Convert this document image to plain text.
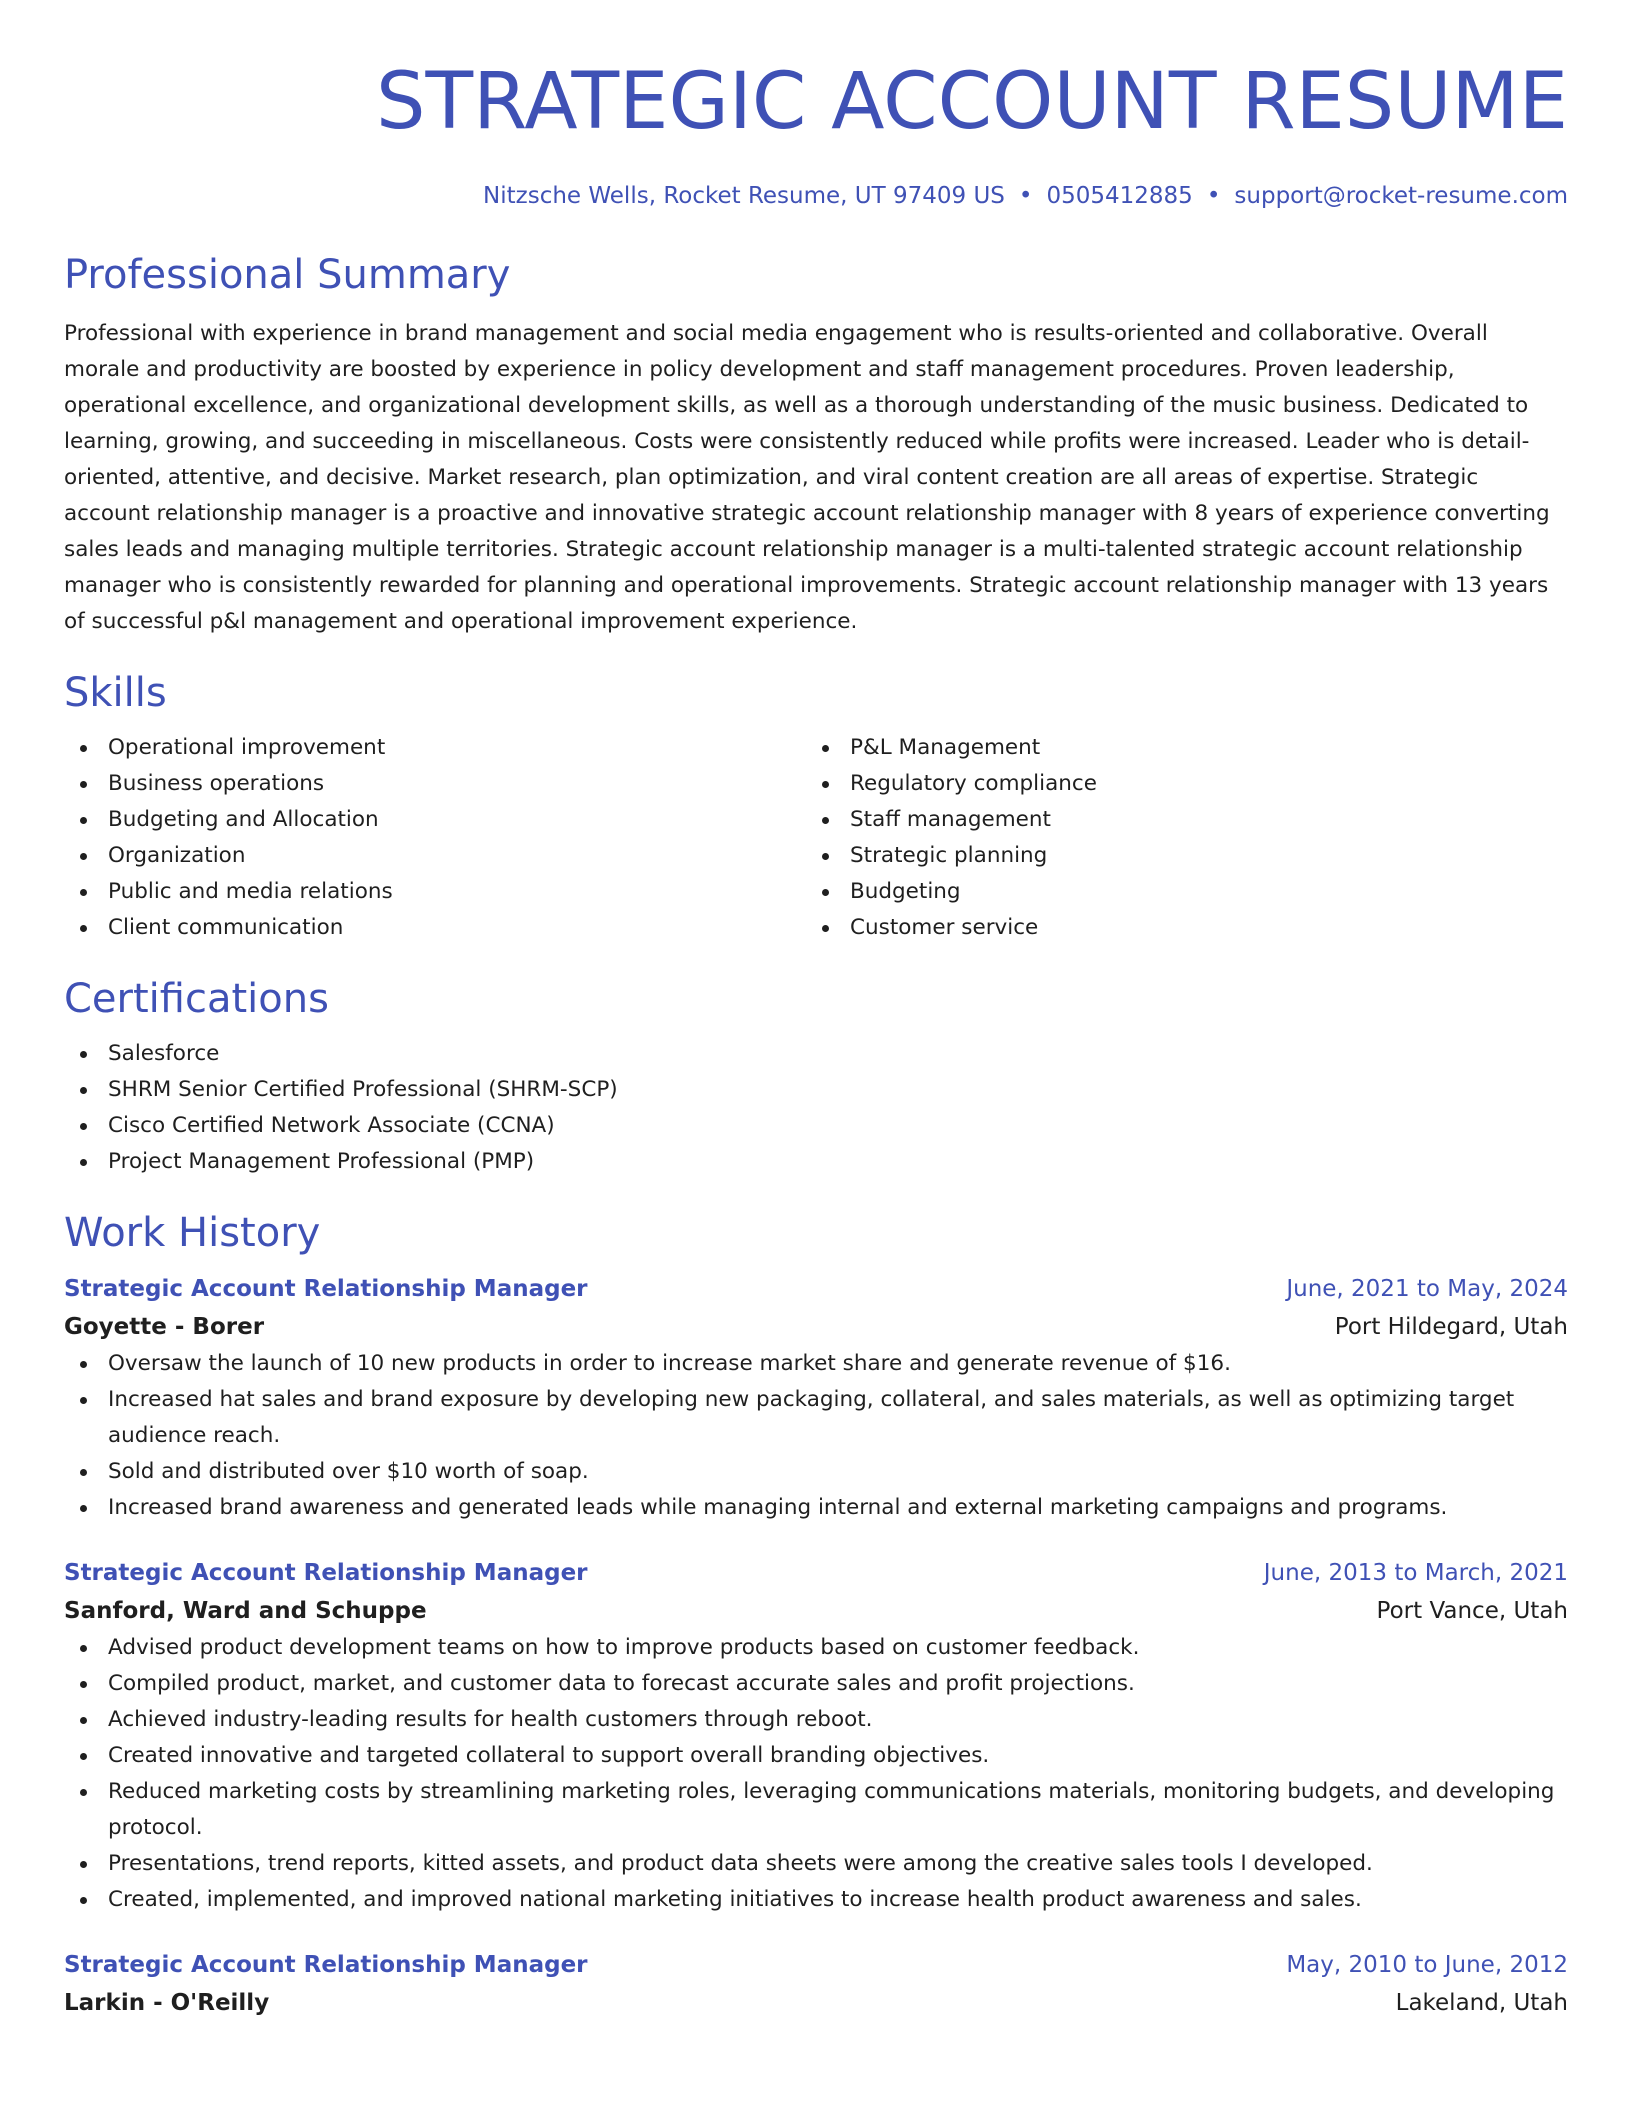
STRATEGIC ACCOUNT RESUME
Nitzsche Wells, Rocket Resume, UT 97409 US • 0505412885 • support@rocket-resume.com
Professional Summary

Professional with experience in brand management and social media engagement who is results-oriented and collaborative. Overall morale and productivity are boosted by experience in policy development and staff management procedures. Proven leadership, operational excellence, and organizational development skills, as well as a thorough understanding of the music business. Dedicated to learning, growing, and succeeding in miscellaneous. Costs were consistently reduced while profits were increased. Leader who is detail-oriented, attentive, and decisive. Market research, plan optimization, and viral content creation are all areas of expertise. Strategic account relationship manager is a proactive and innovative strategic account relationship manager with 8 years of experience converting sales leads and managing multiple territories. Strategic account relationship manager is a multi-talented strategic account relationship manager who is consistently rewarded for planning and operational improvements. Strategic account relationship manager with 13 years of successful p&l management and operational improvement experience.

Skills
Operational improvement
Business operations
Budgeting and Allocation
Organization
Public and media relations
Client communication
P&L Management
Regulatory compliance
Staff management
Strategic planning
Budgeting
Customer service
Certifications
Salesforce
SHRM Senior Certified Professional (SHRM-SCP)
Cisco Certified Network Associate (CCNA)
Project Management Professional (PMP)
Work History
Strategic Account Relationship Manager	June, 2021 to May, 2024
Goyette - Borer	Port Hildegard, Utah
Oversaw the launch of 10 new products in order to increase market share and generate revenue of $16.
Increased hat sales and brand exposure by developing new packaging, collateral, and sales materials, as well as optimizing target audience reach.
Sold and distributed over $10 worth of soap.
Increased brand awareness and generated leads while managing internal and external marketing campaigns and programs.
Strategic Account Relationship Manager	June, 2013 to March, 2021
Sanford, Ward and Schuppe	Port Vance, Utah
Advised product development teams on how to improve products based on customer feedback.
Compiled product, market, and customer data to forecast accurate sales and profit projections.
Achieved industry-leading results for health customers through reboot.
Created innovative and targeted collateral to support overall branding objectives.
Reduced marketing costs by streamlining marketing roles, leveraging communications materials, monitoring budgets, and developing protocol.
Presentations, trend reports, kitted assets, and product data sheets were among the creative sales tools I developed.
Created, implemented, and improved national marketing initiatives to increase health product awareness and sales.
Strategic Account Relationship Manager	May, 2010 to June, 2012
Larkin - O'Reilly	Lakeland, Utah
